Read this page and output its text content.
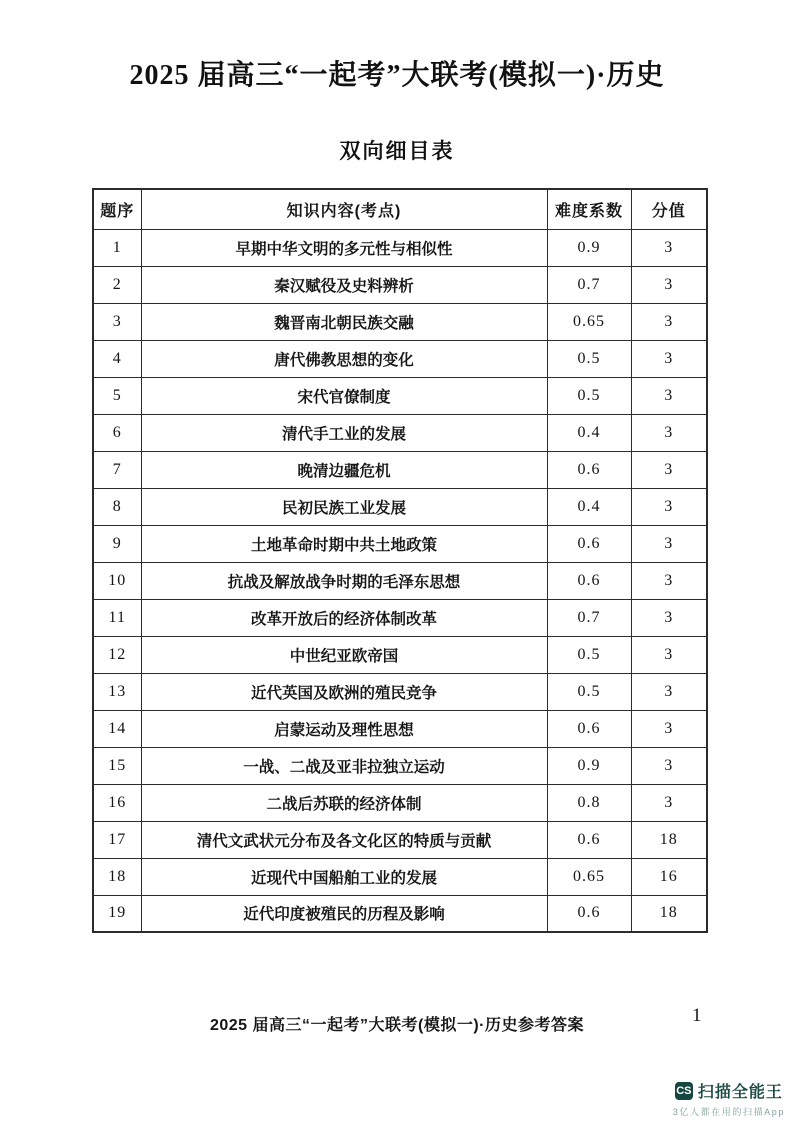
2025 届高三“一起考”大联考(模拟一)·历史
双向细目表
题序	知识内容(考点)	难度系数	分值
1	早期中华文明的多元性与相似性	0.9	3
2	秦汉赋役及史料辨析	0.7	3
3	魏晋南北朝民族交融	0.65	3
4	唐代佛教思想的变化	0.5	3
5	宋代官僚制度	0.5	3
6	清代手工业的发展	0.4	3
7	晚清边疆危机	0.6	3
8	民初民族工业发展	0.4	3
9	土地革命时期中共土地政策	0.6	3
10	抗战及解放战争时期的毛泽东思想	0.6	3
11	改革开放后的经济体制改革	0.7	3
12	中世纪亚欧帝国	0.5	3
13	近代英国及欧洲的殖民竞争	0.5	3
14	启蒙运动及理性思想	0.6	3
15	一战、二战及亚非拉独立运动	0.9	3
16	二战后苏联的经济体制	0.8	3
17	清代文武状元分布及各文化区的特质与贡献	0.6	18
18	近现代中国船舶工业的发展	0.65	16
19	近代印度被殖民的历程及影响	0.6	18
2025 届高三“一起考”大联考(模拟一)·历史参考答案	1
CS 扫描全能王
3亿人都在用的扫描App
